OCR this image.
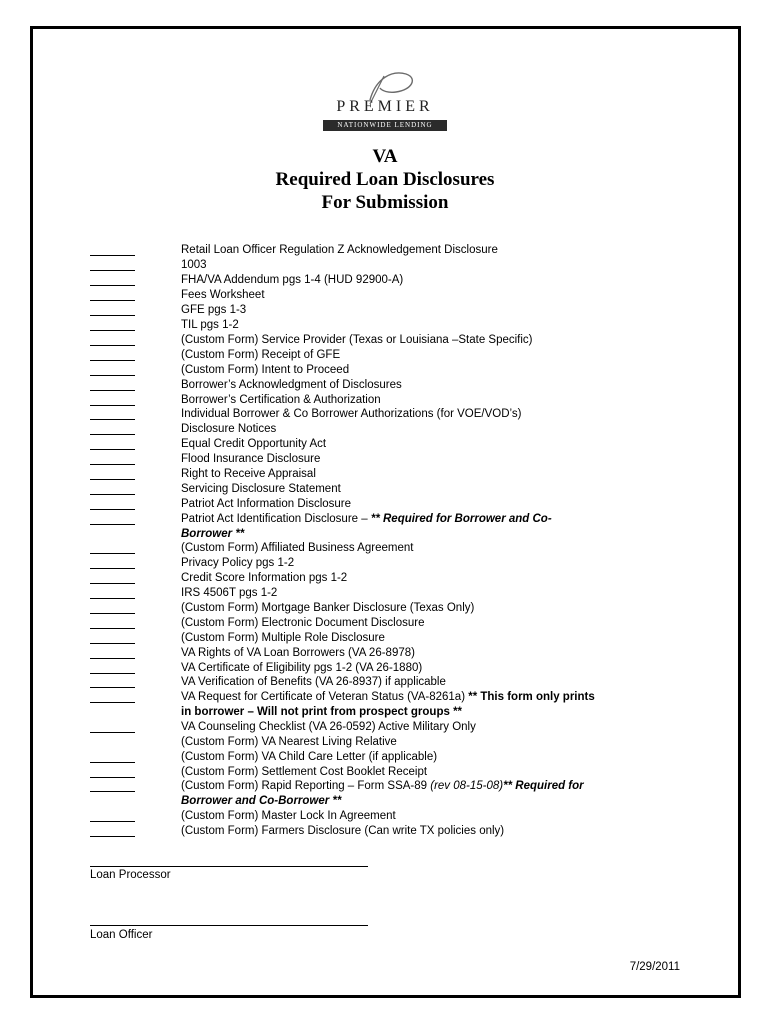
PREMIER
NATIONWIDE LENDING
VA
Required Loan Disclosures
For Submission
Retail Loan Officer Regulation Z Acknowledgement Disclosure
1003
FHA/VA Addendum pgs 1-4 (HUD 92900-A)
Fees Worksheet
GFE pgs 1-3
TIL pgs 1-2
(Custom Form) Service Provider (Texas or Louisiana –State Specific)
(Custom Form) Receipt of GFE
(Custom Form) Intent to Proceed
Borrower’s Acknowledgment of Disclosures
Borrower’s Certification & Authorization
Individual Borrower & Co Borrower Authorizations (for VOE/VOD’s)
Disclosure Notices
Equal Credit Opportunity Act
Flood Insurance Disclosure
Right to Receive Appraisal
Servicing Disclosure Statement
Patriot Act Information Disclosure
Patriot Act Identification Disclosure – ** Required for Borrower and Co-
Borrower **
(Custom Form) Affiliated Business Agreement
Privacy Policy pgs 1-2
Credit Score Information pgs 1-2
IRS 4506T pgs 1-2
(Custom Form) Mortgage Banker Disclosure (Texas Only)
(Custom Form) Electronic Document Disclosure
(Custom Form) Multiple Role Disclosure
VA Rights of VA Loan Borrowers (VA 26-8978)
VA Certificate of Eligibility pgs 1-2 (VA 26-1880)
VA Verification of Benefits (VA 26-8937) if applicable
VA Request for Certificate of Veteran Status (VA-8261a) ** This form only prints
in borrower – Will not print from prospect groups **
VA Counseling Checklist (VA 26-0592) Active Military Only
(Custom Form) VA Nearest Living Relative
(Custom Form) VA Child Care Letter (if applicable)
(Custom Form) Settlement Cost Booklet Receipt
(Custom Form) Rapid Reporting – Form SSA-89 (rev 08-15-08)** Required for
Borrower and Co-Borrower **
(Custom Form) Master Lock In Agreement
(Custom Form) Farmers Disclosure (Can write TX policies only)
Loan Processor
Loan Officer
7/29/2011
